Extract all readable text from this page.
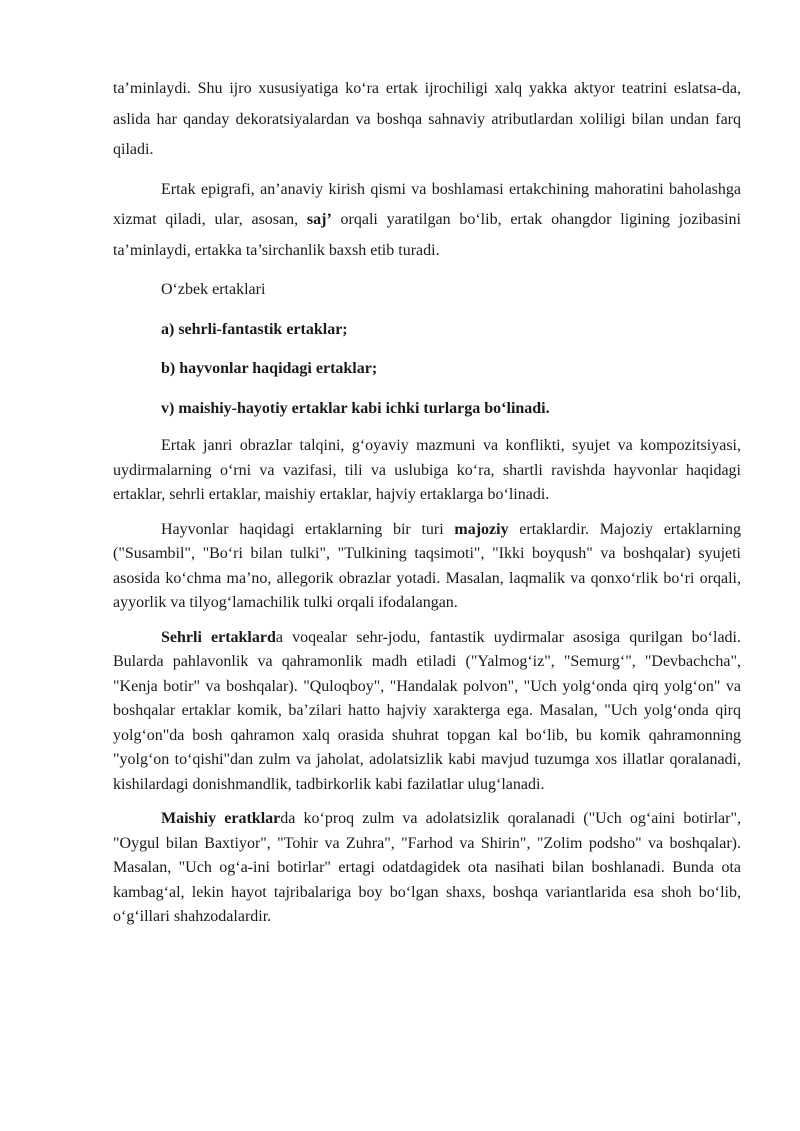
ta’minlaydi. Shu ijro xususiyatiga ko‘ra ertak ijrochiligi xalq yakka aktyor teatrini eslatsa-da, aslida har qanday dekoratsiyalardan va boshqa sahnaviy atributlardan xoliligi bilan undan farq qiladi.

Ertak epigrafi, an’anaviy kirish qismi va boshlamasi ertakchining mahoratini baholashga xizmat qiladi, ular, asosan, saj’ orqali yaratilgan bo‘lib, ertak ohangdor ligining jozibasini ta’minlaydi, ertakka ta’sirchanlik baxsh etib turadi.

O‘zbek ertaklari

a) sehrli-fantastik ertaklar;

b) hayvonlar haqidagi ertaklar;

v) maishiy-hayotiy ertaklar kabi ichki turlarga bo‘linadi.

Ertak janri obrazlar talqini, g‘oyaviy mazmuni va konflikti, syujet va kompozitsiyasi, uydirmalarning o‘rni va vazifasi, tili va uslubiga ko‘ra, shartli ravishda hayvonlar haqidagi ertaklar, sehrli ertaklar, maishiy ertaklar, hajviy ertaklarga bo‘linadi.

Hayvonlar haqidagi ertaklarning bir turi majoziy ertaklardir. Majoziy ertaklarning ("Susambil", "Bo‘ri bilan tulki", "Tulkining taqsimoti", "Ikki boyqush" va boshqalar) syujeti asosida ko‘chma ma’no, allegorik obrazlar yotadi. Masalan, laqmalik va qonxo‘rlik bo‘ri orqali, ayyorlik va tilyog‘lamachilik tulki orqali ifodalangan.

Sehrli ertaklarda voqealar sehr-jodu, fantastik uydirmalar asosiga qurilgan bo‘ladi. Bularda pahlavonlik va qahramonlik madh etiladi ("Yalmog‘iz", "Semurg‘", "Devbachcha", "Kenja botir" va boshqalar). "Quloqboy", "Handalak polvon", "Uch yolg‘onda qirq yolg‘on" va boshqalar ertaklar komik, ba’zilari hatto hajviy xarakterga ega. Masalan, "Uch yolg‘onda qirq yolg‘on"da bosh qahramon xalq orasida shuhrat topgan kal bo‘lib, bu komik qahramonning "yolg‘on to‘qishi"dan zulm va jaholat, adolatsizlik kabi mavjud tuzumga xos illatlar qoralanadi, kishilardagi donishmandlik, tadbirkorlik kabi fazilatlar ulug‘lanadi.

Maishiy eratklarda ko‘proq zulm va adolatsizlik qoralanadi ("Uch og‘aini botirlar", "Oygul bilan Baxtiyor", "Tohir va Zuhra", "Farhod va Shirin", "Zolim podsho" va boshqalar). Masalan, "Uch og‘a-ini botirlar" ertagi odatdagidek ota nasihati bilan boshlanadi. Bunda ota kambag‘al, lekin hayot tajribalariga boy bo‘lgan shaxs, boshqa variantlarida esa shoh bo‘lib, o‘g‘illari shahzodalardir.
